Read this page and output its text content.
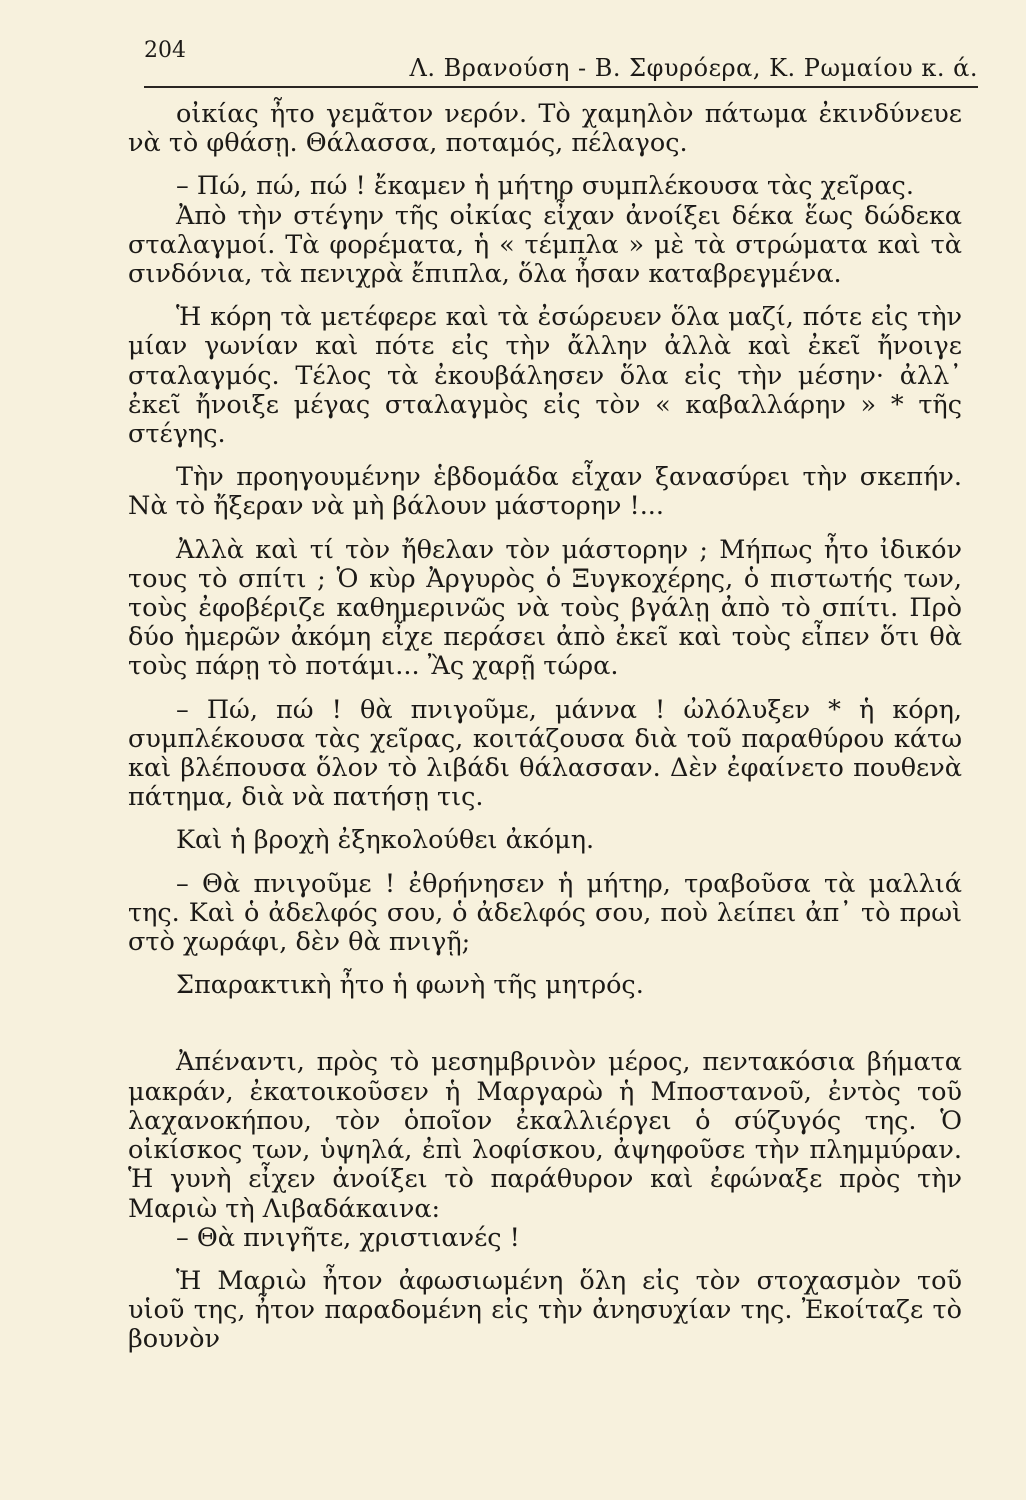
204
Λ. Βρανούση - Β. Σφυρόερα, Κ. Ρωμαίου κ. ά.

οἰκίας ἦτο γεμᾶτον νερόν. Τὸ χαμηλὸν πάτωμα ἐκινδύνευε νὰ τὸ φθάσῃ. Θάλασσα, ποταμός, πέλαγος.

– Πώ, πώ, πώ ! ἔκαμεν ἡ μήτηρ συμπλέκουσα τὰς χεῖρας.

Ἀπὸ τὴν στέγην τῆς οἰκίας εἶχαν ἀνοίξει δέκα ἕως δώδεκα σταλαγμοί. Τὰ φορέματα, ἡ « τέμπλα » μὲ τὰ στρώματα καὶ τὰ σινδόνια, τὰ πενιχρὰ ἔπιπλα, ὅλα ἦσαν καταβρεγμένα.

Ἡ κόρη τὰ μετέφερε καὶ τὰ ἐσώρευεν ὅλα μαζί, πότε εἰς τὴν μίαν γωνίαν καὶ πότε εἰς τὴν ἄλλην ἀλλὰ καὶ ἐκεῖ ἤνοιγε σταλαγμός. Τέλος τὰ ἐκουβάλησεν ὅλα εἰς τὴν μέσην· ἀλλ᾽ ἐκεῖ ἤνοιξε μέγας σταλαγμὸς εἰς τὸν « καβαλλάρην » * τῆς στέγης.

Τὴν προηγουμένην ἑβδομάδα εἶχαν ξανασύρει τὴν σκεπήν. Νὰ τὸ ἤξεραν νὰ μὴ βάλουν μάστορην !...

Ἀλλὰ καὶ τί τὸν ἤθελαν τὸν μάστορην ; Μήπως ἦτο ἰδικόν τους τὸ σπίτι ; Ὁ κὺρ Ἀργυρὸς ὁ Ξυγκοχέρης, ὁ πιστωτής των, τοὺς ἐφοβέριζε καθημερινῶς νὰ τοὺς βγάλῃ ἀπὸ τὸ σπίτι. Πρὸ δύο ἡμερῶν ἀκόμη εἶχε περάσει ἀπὸ ἐκεῖ καὶ τοὺς εἶπεν ὅτι θὰ τοὺς πάρῃ τὸ ποτάμι... Ἂς χαρῇ τώρα.

– Πώ, πώ ! θὰ πνιγοῦμε, μάννα ! ὠλόλυξεν * ἡ κόρη, συμπλέκουσα τὰς χεῖρας, κοιτάζουσα διὰ τοῦ παραθύρου κάτω καὶ βλέπουσα ὅλον τὸ λιβάδι θάλασσαν. Δὲν ἐφαίνετο πουθενὰ πάτημα, διὰ νὰ πατήσῃ τις.

Καὶ ἡ βροχὴ ἐξηκολούθει ἀκόμη.

– Θὰ πνιγοῦμε ! ἐθρήνησεν ἡ μήτηρ, τραβοῦσα τὰ μαλλιά της. Καὶ ὁ ἀδελφός σου, ὁ ἀδελφός σου, ποὺ λείπει ἀπ᾽ τὸ πρωὶ στὸ χωράφι, δὲν θὰ πνιγῇ;

Σπαρακτικὴ ἦτο ἡ φωνὴ τῆς μητρός.

Ἀπέναντι, πρὸς τὸ μεσημβρινὸν μέρος, πεντακόσια βήματα μακράν, ἐκατοικοῦσεν ἡ Μαργαρὼ ἡ Μποστανοῦ, ἐντὸς τοῦ λαχανοκήπου, τὸν ὁποῖον ἐκαλλιέργει ὁ σύζυγός της. Ὁ οἰκίσκος των, ὑψηλά, ἐπὶ λοφίσκου, ἀψηφοῦσε τὴν πλημμύραν. Ἡ γυνὴ εἶχεν ἀνοίξει τὸ παράθυρον καὶ ἐφώναξε πρὸς τὴν Μαριὼ τὴ Λιβαδάκαινα:

– Θὰ πνιγῆτε, χριστιανές !

Ἡ Μαριὼ ἦτον ἀφωσιωμένη ὅλη εἰς τὸν στοχασμὸν τοῦ υἱοῦ της, ἦτον παραδομένη εἰς τὴν ἀνησυχίαν της. Ἐκοίταζε τὸ βουνὸν
